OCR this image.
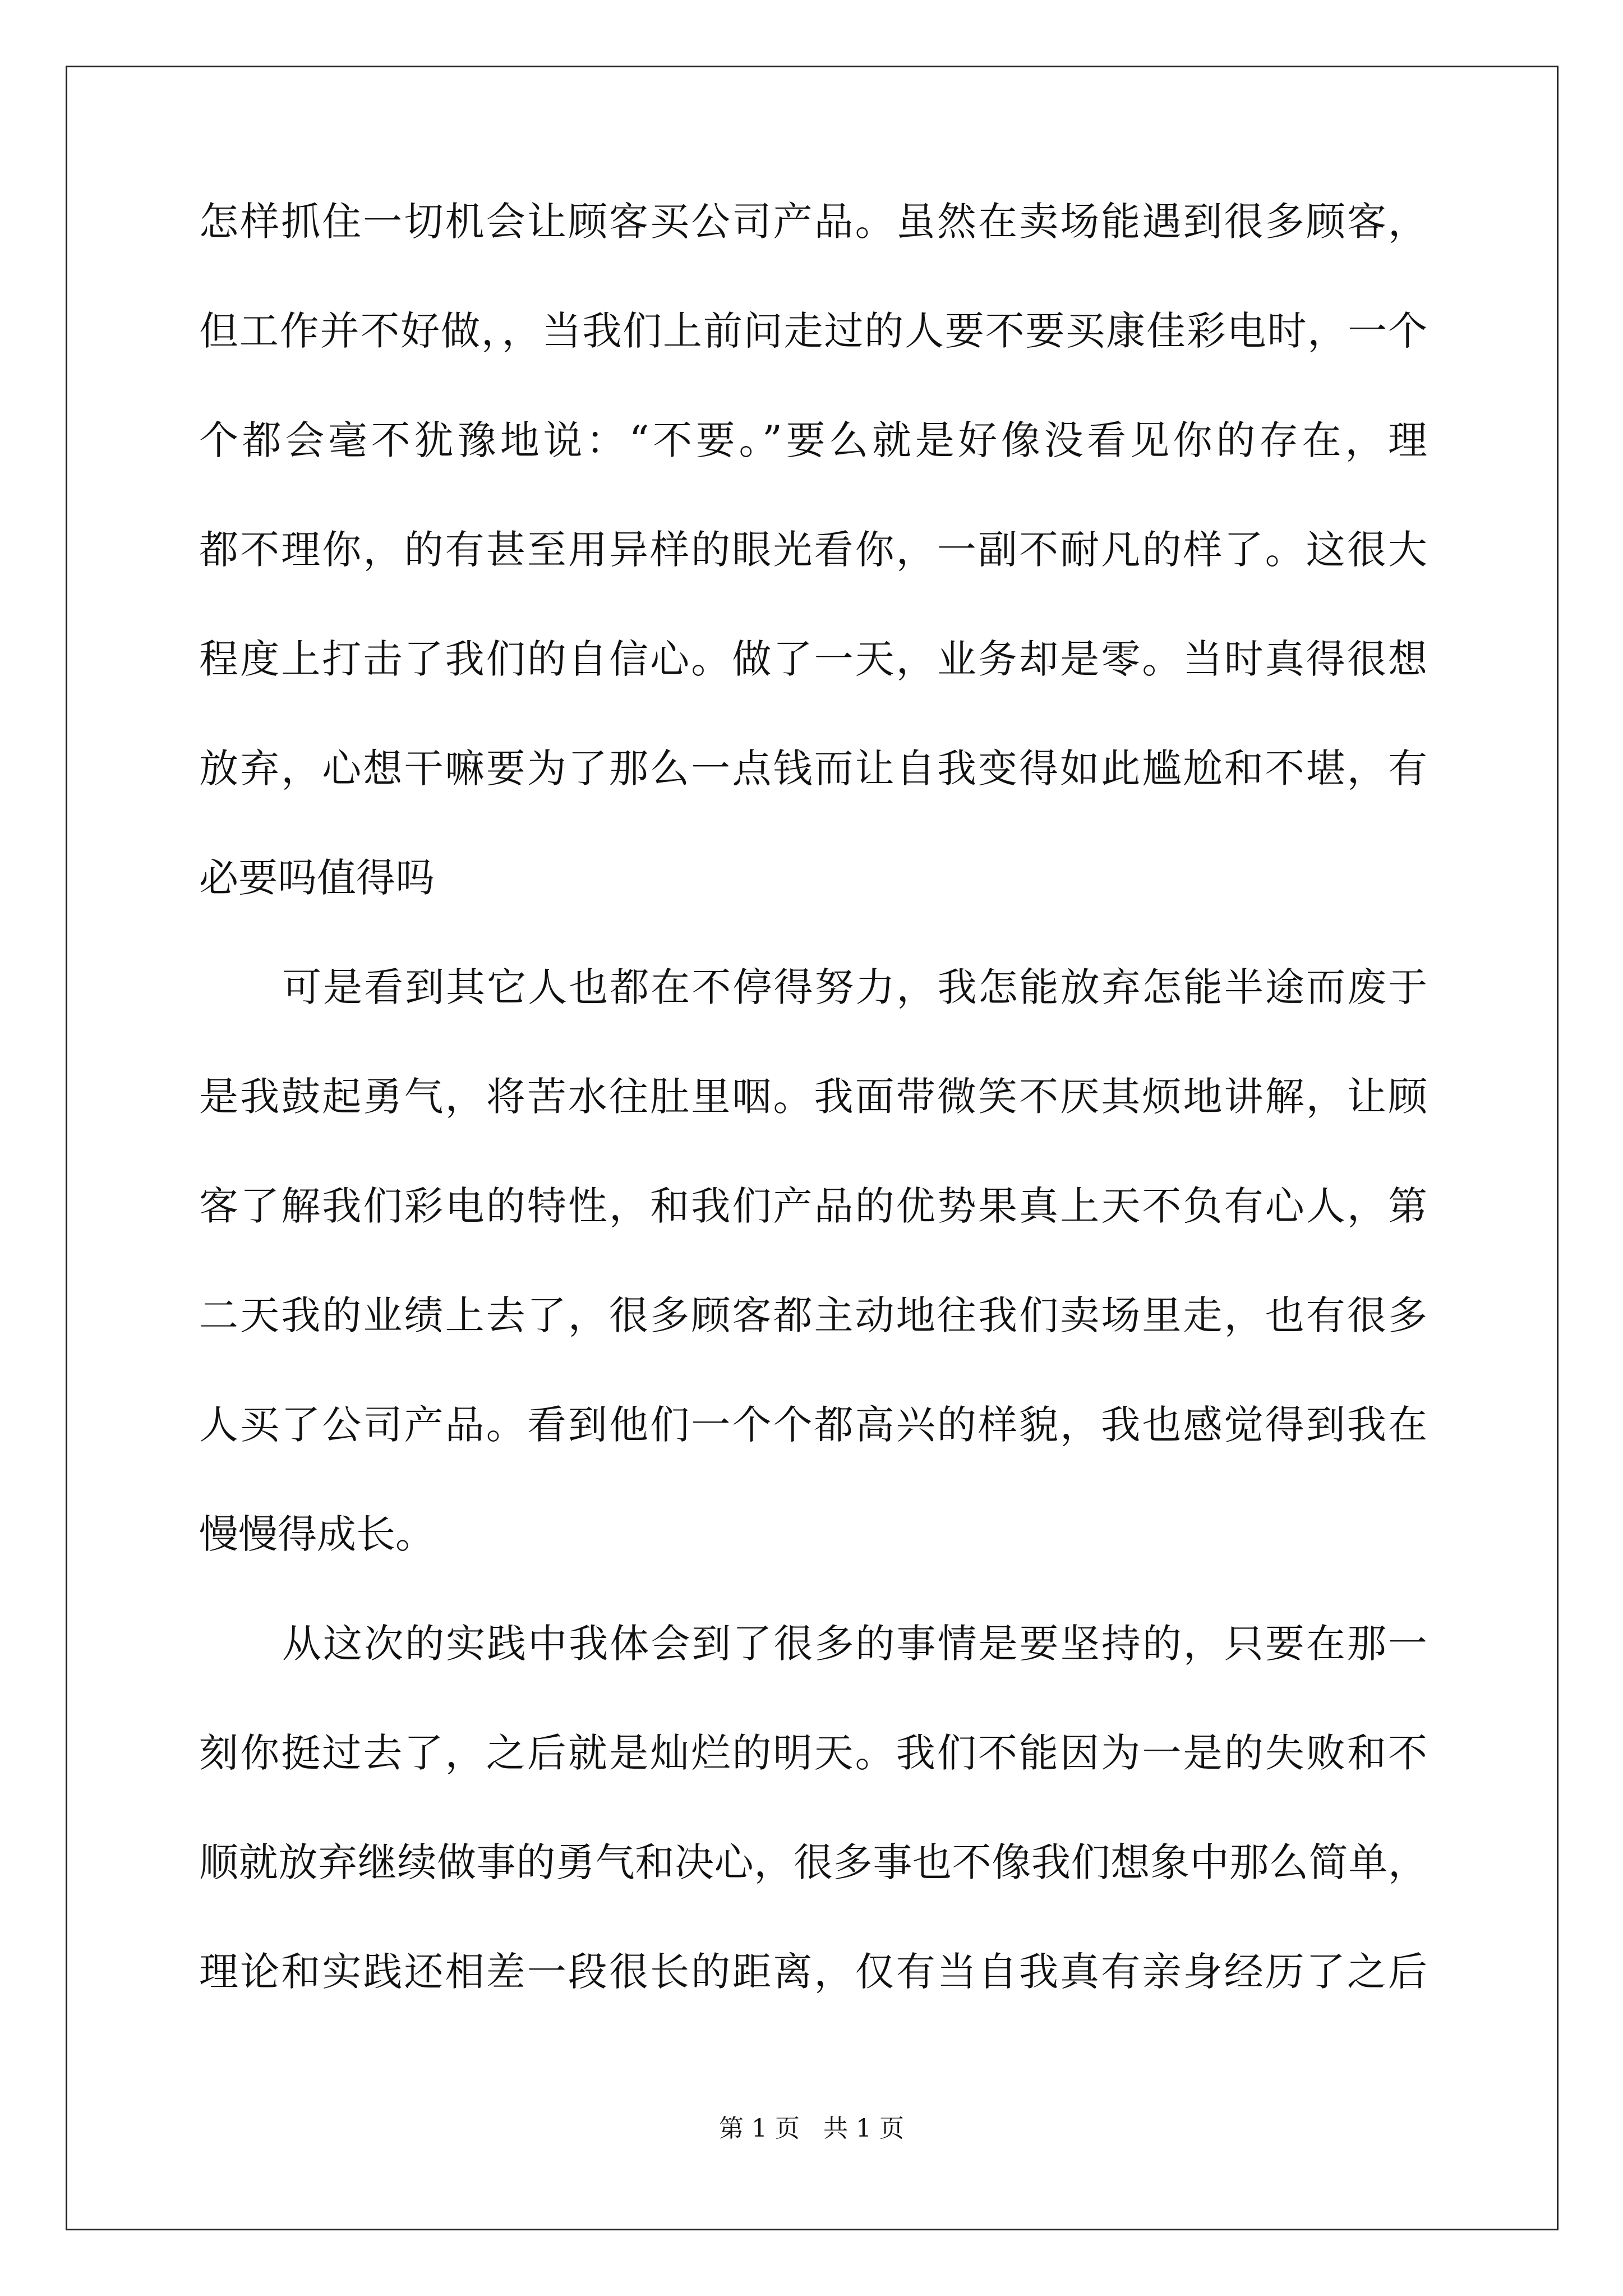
怎样抓住一切机会让顾客买公司产品。虽然在卖场能遇到很多顾客，
但工作并不好做，，当我们上前问走过的人要不要买康佳彩电时，一个
个都会毫不犹豫地说：“不要。”要么就是好像没看见你的存在，理
都不理你，的有甚至用异样的眼光看你，一副不耐凡的样了。这很大
程度上打击了我们的自信心。做了一天，业务却是零。当时真得很想
放弃，心想干嘛要为了那么一点钱而让自我变得如此尴尬和不堪，有
必要吗值得吗
可是看到其它人也都在不停得努力，我怎能放弃怎能半途而废于
是我鼓起勇气，将苦水往肚里咽。我面带微笑不厌其烦地讲解，让顾
客了解我们彩电的特性，和我们产品的优势果真上天不负有心人，第
二天我的业绩上去了，很多顾客都主动地往我们卖场里走，也有很多
人买了公司产品。看到他们一个个都高兴的样貌，我也感觉得到我在
慢慢得成长。
从这次的实践中我体会到了很多的事情是要坚持的，只要在那一
刻你挺过去了，之后就是灿烂的明天。我们不能因为一是的失败和不
顺就放弃继续做事的勇气和决心，很多事也不像我们想象中那么简单，
理论和实践还相差一段很长的距离，仅有当自我真有亲身经历了之后
第 1 页   共 1 页
